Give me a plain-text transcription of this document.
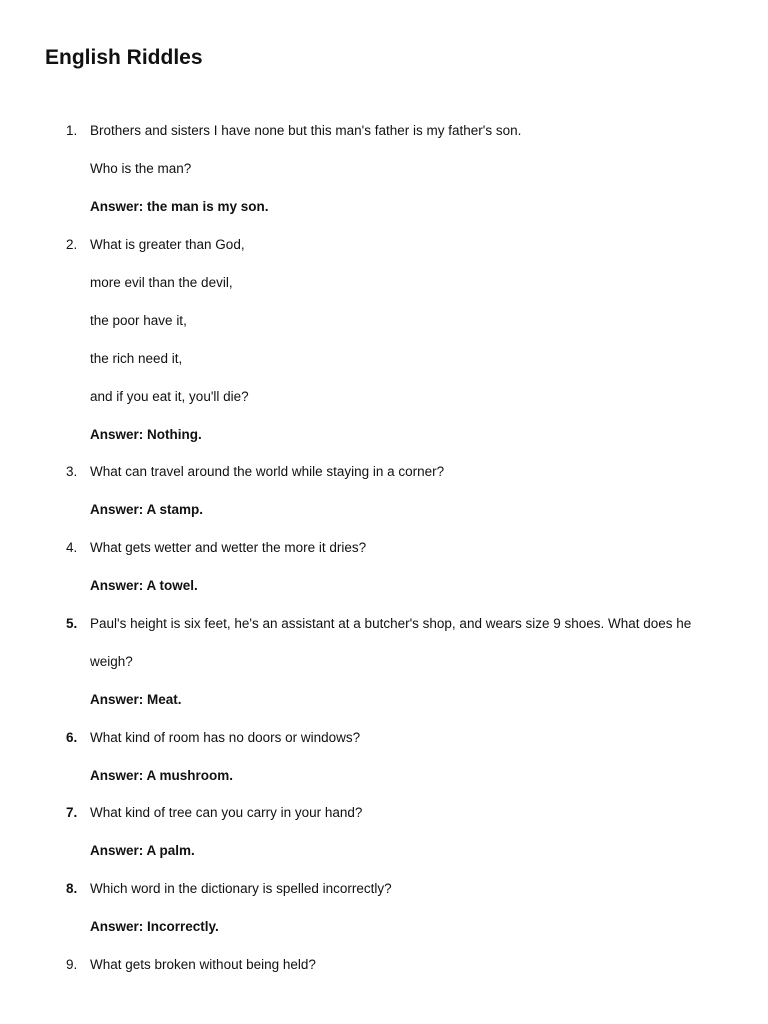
English Riddles
1. Brothers and sisters I have none but this man's father is my father's son.
Who is the man?
Answer: the man is my son.
2. What is greater than God,
more evil than the devil,
the poor have it,
the rich need it,
and if you eat it, you'll die?
Answer: Nothing.
3. What can travel around the world while staying in a corner?
Answer: A stamp.
4. What gets wetter and wetter the more it dries?
Answer: A towel.
5. Paul's height is six feet, he's an assistant at a butcher's shop, and wears size 9 shoes. What does he
weigh?
Answer: Meat.
6. What kind of room has no doors or windows?
Answer: A mushroom.
7. What kind of tree can you carry in your hand?
Answer: A palm.
8. Which word in the dictionary is spelled incorrectly?
Answer: Incorrectly.
9. What gets broken without being held?
